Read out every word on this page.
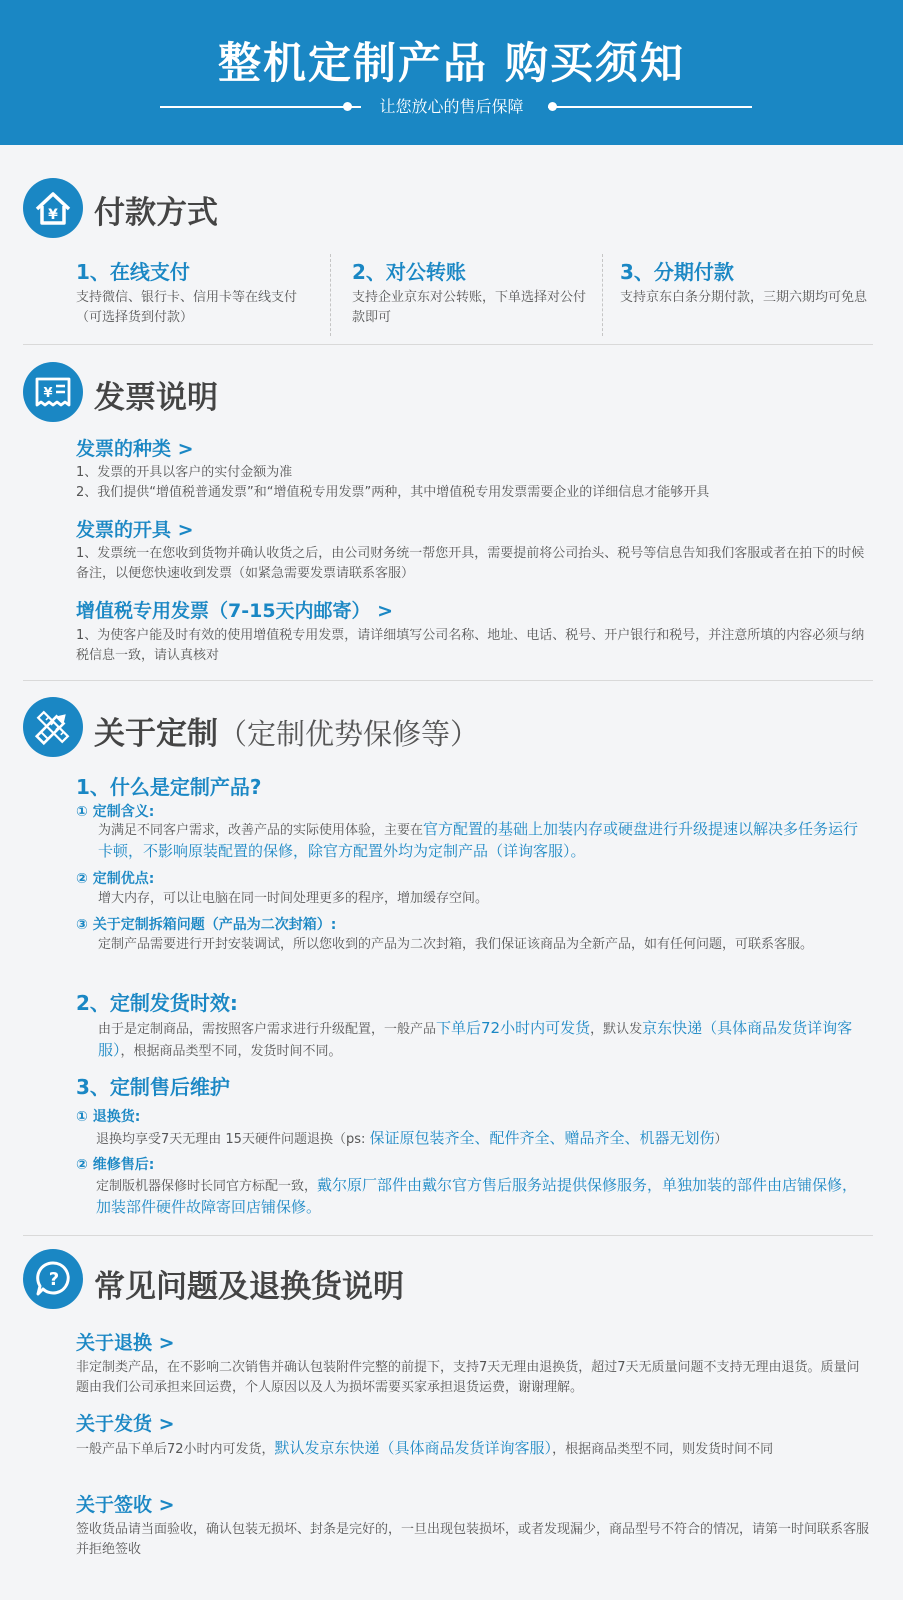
整机定制产品 购买须知
让您放心的售后保障
¥ 付款方式
1、在线支付
支持微信、银行卡、信用卡等在线支付（可选择货到付款）
2、对公转账
支持企业京东对公转账，下单选择对公付款即可
3、分期付款
支持京东白条分期付款，三期六期均可免息
¥ 发票说明
发票的种类 >
1、发票的开具以客户的实付金额为准
2、我们提供“增值税普通发票”和“增值税专用发票”两种，其中增值税专用发票需要企业的详细信息才能够开具
发票的开具 >
1、发票统一在您收到货物并确认收货之后，由公司财务统一帮您开具，需要提前将公司抬头、税号等信息告知我们客服或者在拍下的时候备注，以便您快速收到发票（如紧急需要发票请联系客服）
增值税专用发票（7-15天内邮寄） >
1、为使客户能及时有效的使用增值税专用发票，请详细填写公司名称、地址、电话、税号、开户银行和税号，并注意所填的内容必须与纳税信息一致，请认真核对
关于定制（定制优势保修等）
1、什么是定制产品?
① 定制含义:
为满足不同客户需求，改善产品的实际使用体验，主要在官方配置的基础上加装内存或硬盘进行升级提速以解决多任务运行卡顿，不影响原装配置的保修，除官方配置外均为定制产品（详询客服）。
② 定制优点:
增大内存，可以让电脑在同一时间处理更多的程序，增加缓存空间。
③ 关于定制拆箱问题（产品为二次封箱）:
定制产品需要进行开封安装调试，所以您收到的产品为二次封箱，我们保证该商品为全新产品，如有任何问题，可联系客服。
2、定制发货时效:
由于是定制商品，需按照客户需求进行升级配置，一般产品下单后72小时内可发货，默认发京东快递（具体商品发货详询客服），根据商品类型不同，发货时间不同。
3、定制售后维护
① 退换货:
退换均享受7天无理由 15天硬件问题退换（ps: 保证原包装齐全、配件齐全、赠品齐全、机器无划伤）
② 维修售后:
定制版机器保修时长同官方标配一致，戴尔原厂部件由戴尔官方售后服务站提供保修服务，单独加装的部件由店铺保修，加装部件硬件故障寄回店铺保修。
? 常见问题及退换货说明
关于退换 >
非定制类产品，在不影响二次销售并确认包装附件完整的前提下，支持7天无理由退换货，超过7天无质量问题不支持无理由退货。质量问题由我们公司承担来回运费，个人原因以及人为损坏需要买家承担退货运费，谢谢理解。
关于发货 >
一般产品下单后72小时内可发货，默认发京东快递（具体商品发货详询客服），根据商品类型不同，则发货时间不同
关于签收 >
签收货品请当面验收，确认包装无损坏、封条是完好的，一旦出现包装损坏，或者发现漏少，商品型号不符合的情况，请第一时间联系客服并拒绝签收
